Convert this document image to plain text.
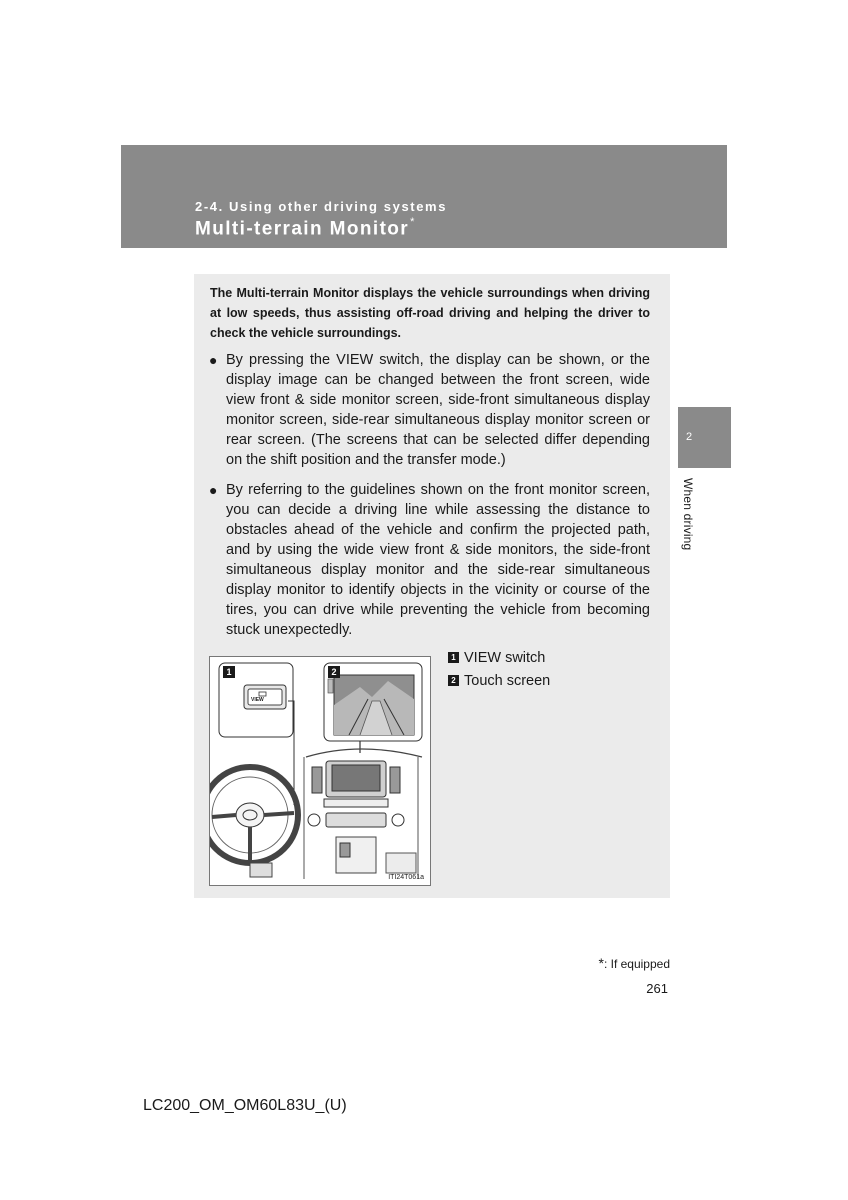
2-4. Using other driving systems
Multi-terrain Monitor*
The Multi-terrain Monitor displays the vehicle surroundings when driving at low speeds, thus assisting off-road driving and helping the driver to check the vehicle surroundings.
● By pressing the VIEW switch, the display can be shown, or the display image can be changed between the front screen, wide view front & side monitor screen, side-front simultaneous display monitor screen, side-rear simultaneous display monitor screen or rear screen. (The screens that can be selected differ depending on the shift position and the transfer mode.)
● By referring to the guidelines shown on the front monitor screen, you can decide a driving line while assessing the distance to obstacles ahead of the vehicle and confirm the projected path, and by using the wide view front & side monitors, the side-front simultaneous display monitor and the side-rear simultaneous display monitor to identify objects in the vicinity or course of the tires, you can drive while preventing the vehicle from becoming stuck unexpectedly.
1	2
VIEW
ITI24T061a
1 VIEW switch
2 Touch screen
2
When driving
*: If equipped
261
LC200_OM_OM60L83U_(U)
